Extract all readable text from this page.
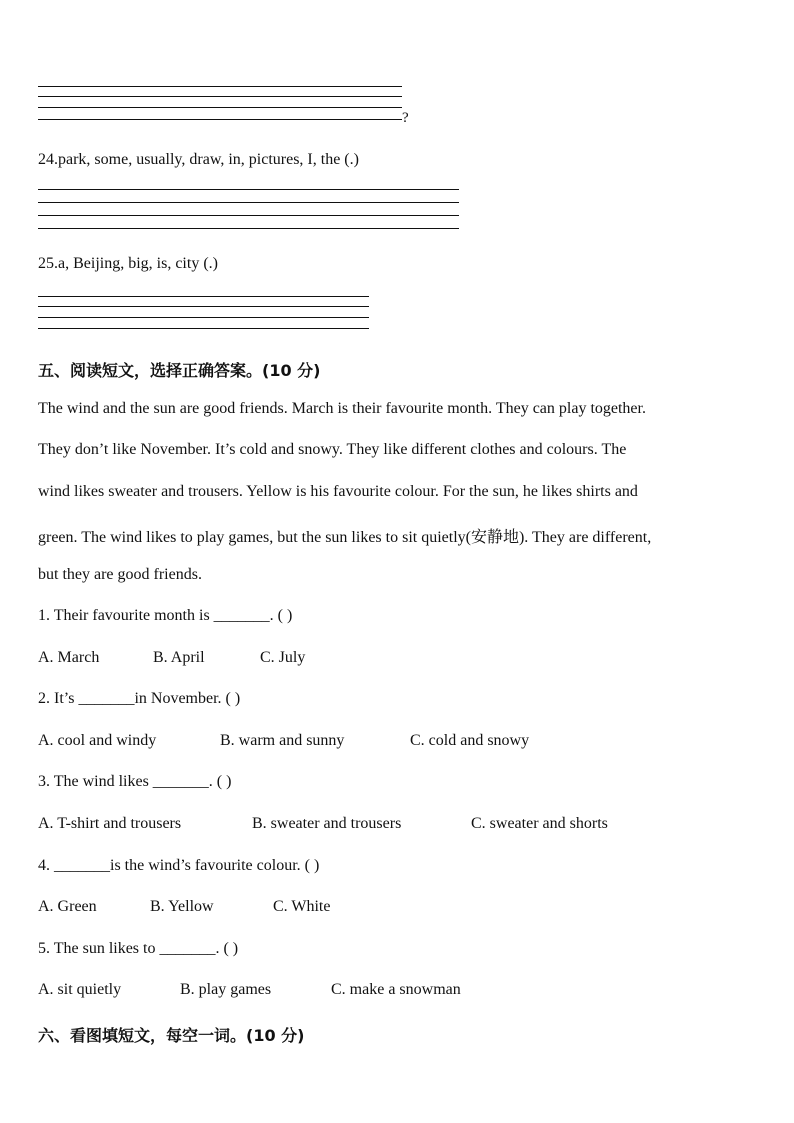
?
24.park, some, usually, draw, in, pictures, I, the (.)
25.a, Beijing, big, is, city (.)
五、阅读短文，选择正确答案。(10 分)
The wind and the sun are good friends. March is their favourite month. They can play together.
They don’t like November. It’s cold and snowy. They like different clothes and colours. The
wind likes sweater and trousers. Yellow is his favourite colour. For the sun, he likes shirts and
green. The wind likes to play games, but the sun likes to sit quietly(安静地). They are different,
but they are good friends.
1. Their favourite month is _______. ( )
A. March	B. April	C. July
2. It’s _______in November. ( )
A. cool and windy	B. warm and sunny	C. cold and snowy
3. The wind likes _______. ( )
A. T-shirt and trousers	B. sweater and trousers	C. sweater and shorts
4. _______is the wind’s favourite colour. ( )
A. Green	B. Yellow	C. White
5. The sun likes to _______. ( )
A. sit quietly	B. play games	C. make a snowman
六、看图填短文，每空一词。(10 分)
